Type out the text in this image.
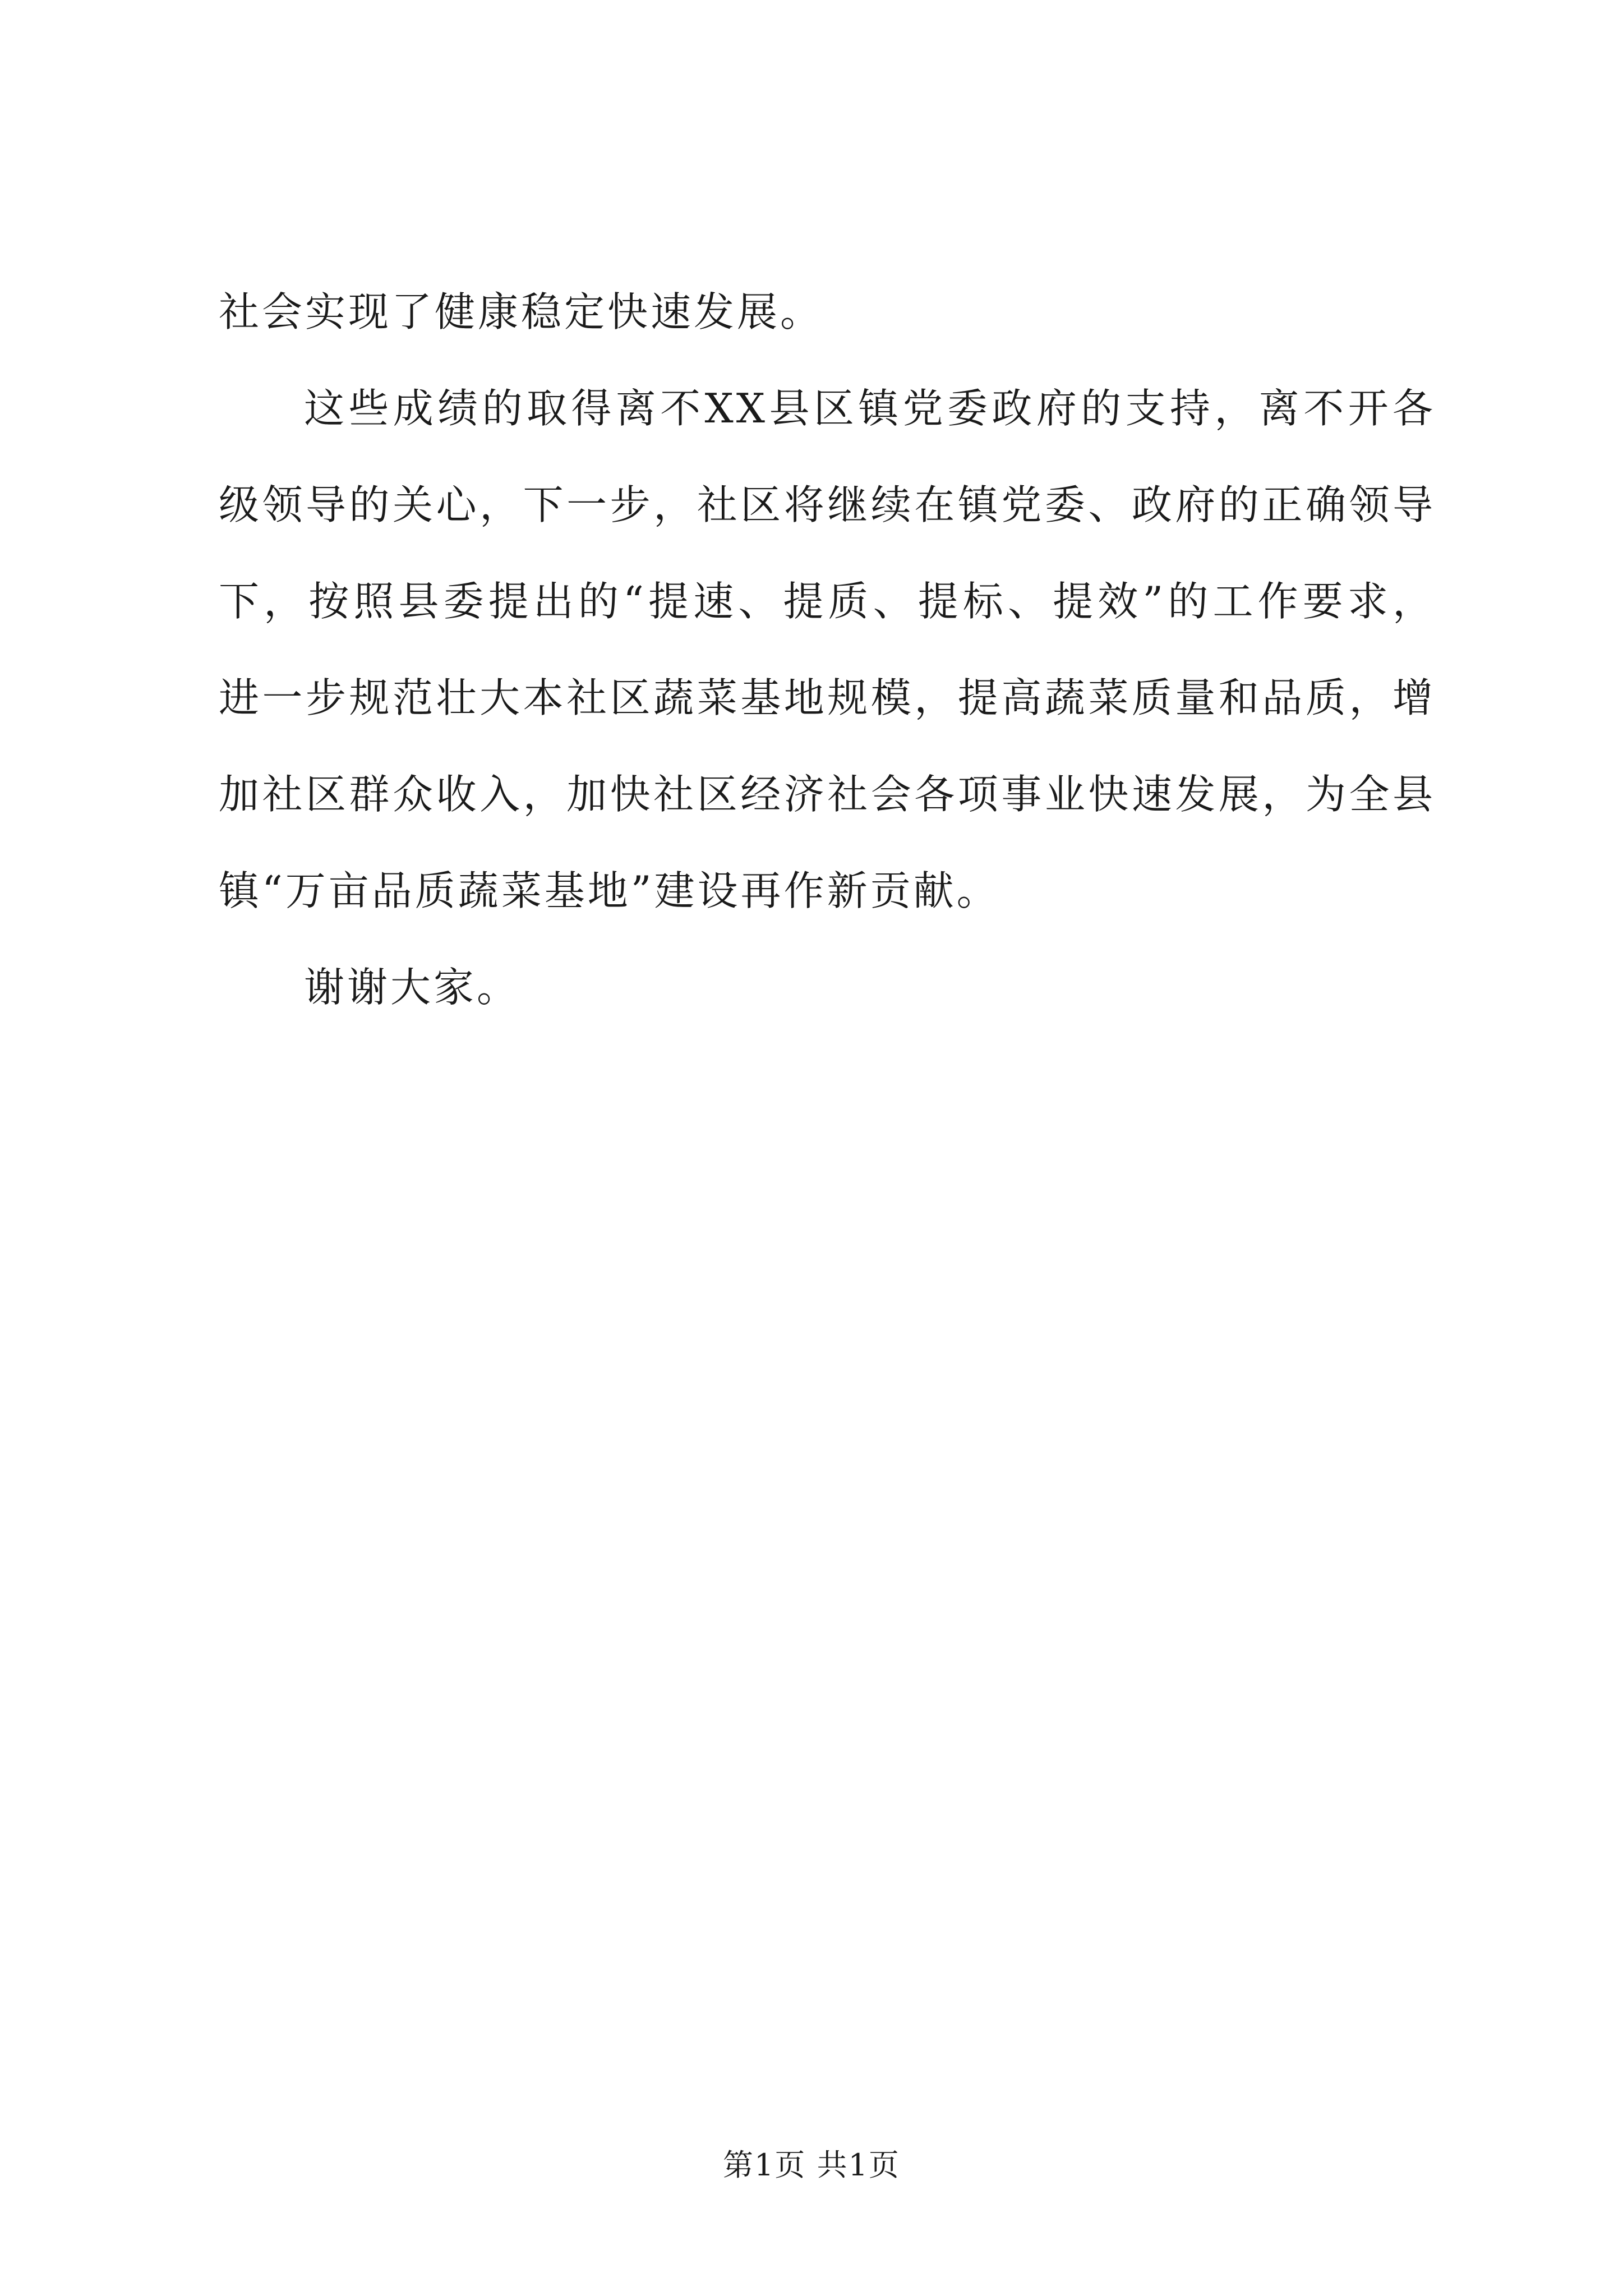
社会实现了健康稳定快速发展。
这些成绩的取得离不XX县区镇党委政府的支持，离不开各
级领导的关心，下一步，社区将继续在镇党委、政府的正确领导
下，按照县委提出的“提速、提质、提标、提效”的工作要求，
进一步规范壮大本社区蔬菜基地规模，提高蔬菜质量和品质，增
加社区群众收入，加快社区经济社会各项事业快速发展，为全县
镇“万亩品质蔬菜基地”建设再作新贡献。
谢谢大家。
第1页 共1页
